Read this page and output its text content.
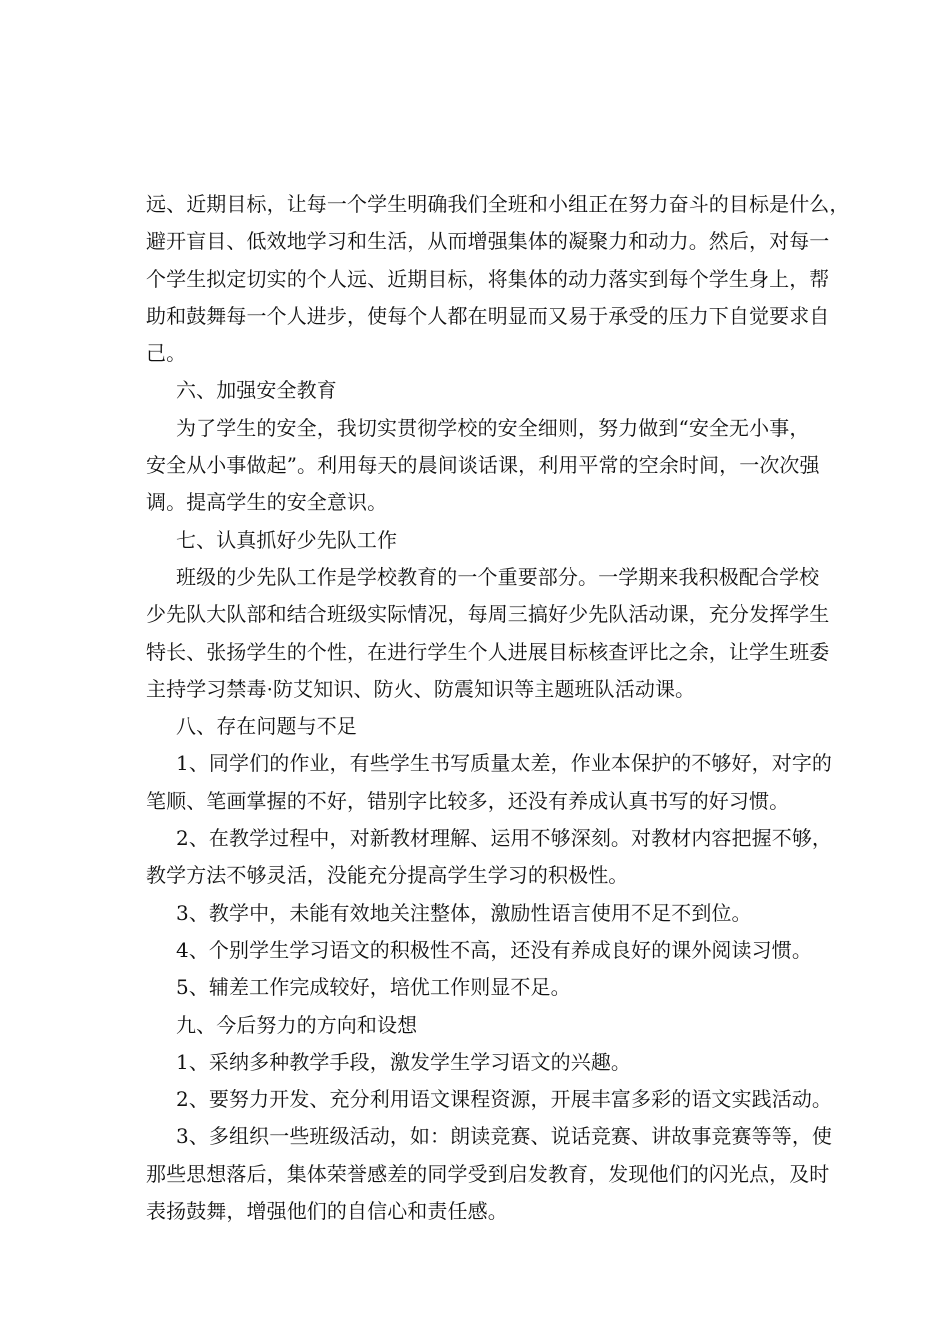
远、近期目标，让每一个学生明确我们全班和小组正在努力奋斗的目标是什么，
避开盲目、低效地学习和生活，从而增强集体的凝聚力和动力。然后，对每一
个学生拟定切实的个人远、近期目标，将集体的动力落实到每个学生身上，帮
助和鼓舞每一个人进步，使每个人都在明显而又易于承受的压力下自觉要求自
己。
六、加强安全教育
为了学生的安全，我切实贯彻学校的安全细则，努力做到“安全无小事，
安全从小事做起”。利用每天的晨间谈话课，利用平常的空余时间，一次次强
调。提高学生的安全意识。
七、认真抓好少先队工作
班级的少先队工作是学校教育的一个重要部分。一学期来我积极配合学校
少先队大队部和结合班级实际情况，每周三搞好少先队活动课，充分发挥学生
特长、张扬学生的个性，在进行学生个人进展目标核查评比之余，让学生班委
主持学习禁毒·防艾知识、防火、防震知识等主题班队活动课。
八、存在问题与不足
1、同学们的作业，有些学生书写质量太差，作业本保护的不够好，对字的
笔顺、笔画掌握的不好，错别字比较多，还没有养成认真书写的好习惯。
2、在教学过程中，对新教材理解、运用不够深刻。对教材内容把握不够，
教学方法不够灵活，没能充分提高学生学习的积极性。
3、教学中，未能有效地关注整体，激励性语言使用不足不到位。
4、个别学生学习语文的积极性不高，还没有养成良好的课外阅读习惯。
5、辅差工作完成较好，培优工作则显不足。
九、今后努力的方向和设想
1、采纳多种教学手段，激发学生学习语文的兴趣。
2、要努力开发、充分利用语文课程资源，开展丰富多彩的语文实践活动。
3、多组织一些班级活动，如：朗读竞赛、说话竞赛、讲故事竞赛等等，使
那些思想落后，集体荣誉感差的同学受到启发教育，发现他们的闪光点，及时
表扬鼓舞，增强他们的自信心和责任感。
